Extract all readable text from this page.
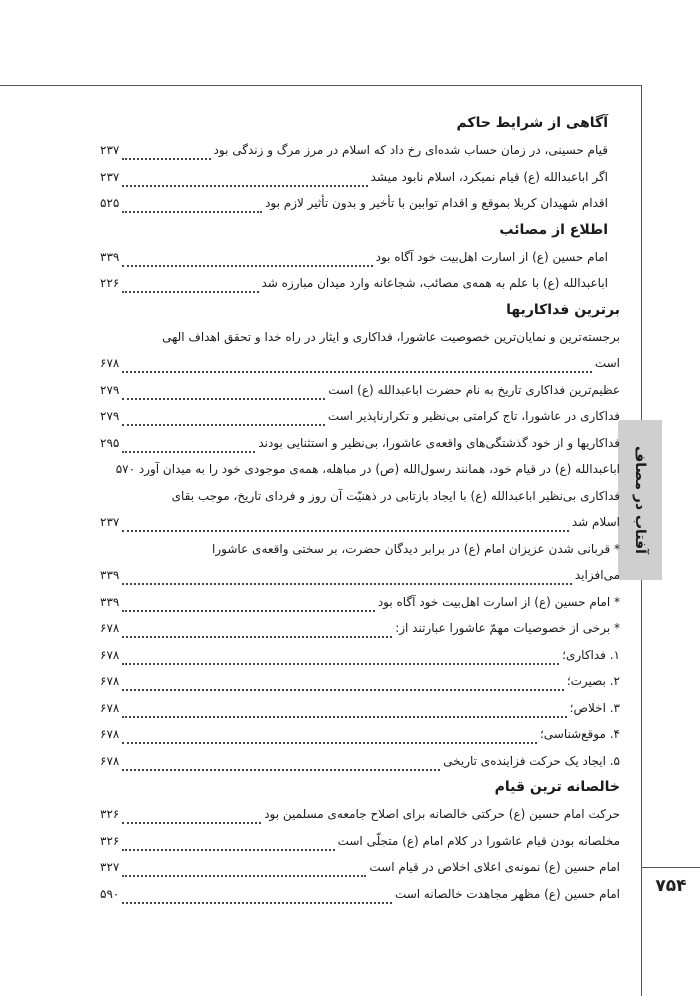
۷۵۴
آفتاب در مصاف
آگاهی از شرایط حاکم
قیام حسینی، در زمان حساب شده‌ای رخ داد که اسلام در مرز مرگ و زندگی بود
۲۳۷
اگر اباعبدالله (ع) قیام نمیکرد، اسلام نابود میشد
۲۳۷
اقدام شهیدان کربلا بموقع و اقدام توابین با تأخیر و بدون تأثیر لازم بود
۵۲۵
اطلاع از مصائب
امام حسین (ع) از اسارت اهل‌بیت خود آگاه بود
۳۳۹
اباعبدالله (ع) با علم به همه‌ی مصائب، شجاعانه وارد میدان مبارزه شد
۲۲۶
برترین فداکاریها
برجسته‌ترین و نمایان‌ترین خصوصیت عاشورا، فداکاری و ایثار در راه خدا و تحقق اهداف الهی
است
۶۷۸
عظیم‌ترین فداکاری تاریخ به نام حضرت اباعبدالله (ع) است
۲۷۹
فداکاری در عاشورا، تاج کرامتی بی‌نظیر و تکرارناپذیر است
۲۷۹
فداکاریها و از خود گذشتگی‌های واقعه‌ی عاشورا، بی‌نظیر و استثنایی بودند
۲۹۵
اباعبدالله (ع) در قیام خود، همانند رسول‌الله (ص) در مباهله، همه‌ی موجودی خود را به میدان آورد ۵۷۰
فداکاری بی‌نظیر اباعبدالله (ع) با ایجاد بازتابی در ذهنیّت آن روز و فردای تاریخ، موجب بقای
اسلام شد
۲۳۷
* قربانی شدن عزیزان امام (ع) در برابر دیدگان حضرت، بر سختی واقعه‌ی عاشورا
می‌افزاید
۳۳۹
* امام حسین (ع) از اسارت اهل‌بیت خود آگاه بود
۳۳۹
* برخی از خصوصیات مهمّ عاشورا عبارتند از:
۶۷۸
۱. فداکاری؛
۶۷۸
۲. بصیرت؛
۶۷۸
۳. اخلاص؛
۶۷۸
۴. موقع‌شناسی؛
۶۷۸
۵. ایجاد یک حرکت فزاینده‌ی تاریخی
۶۷۸
خالصانه ترین قیام
حرکت امام حسین (ع) حرکتی خالصانه برای اصلاح جامعه‌ی مسلمین بود
۳۲۶
مخلصانه بودن قیام عاشورا در کلام امام (ع) متجلّی است
۳۲۶
امام حسین (ع) نمونه‌ی اعلای اخلاص در قیام است
۳۲۷
امام حسین (ع) مظهر مجاهدت خالصانه است
۵۹۰
